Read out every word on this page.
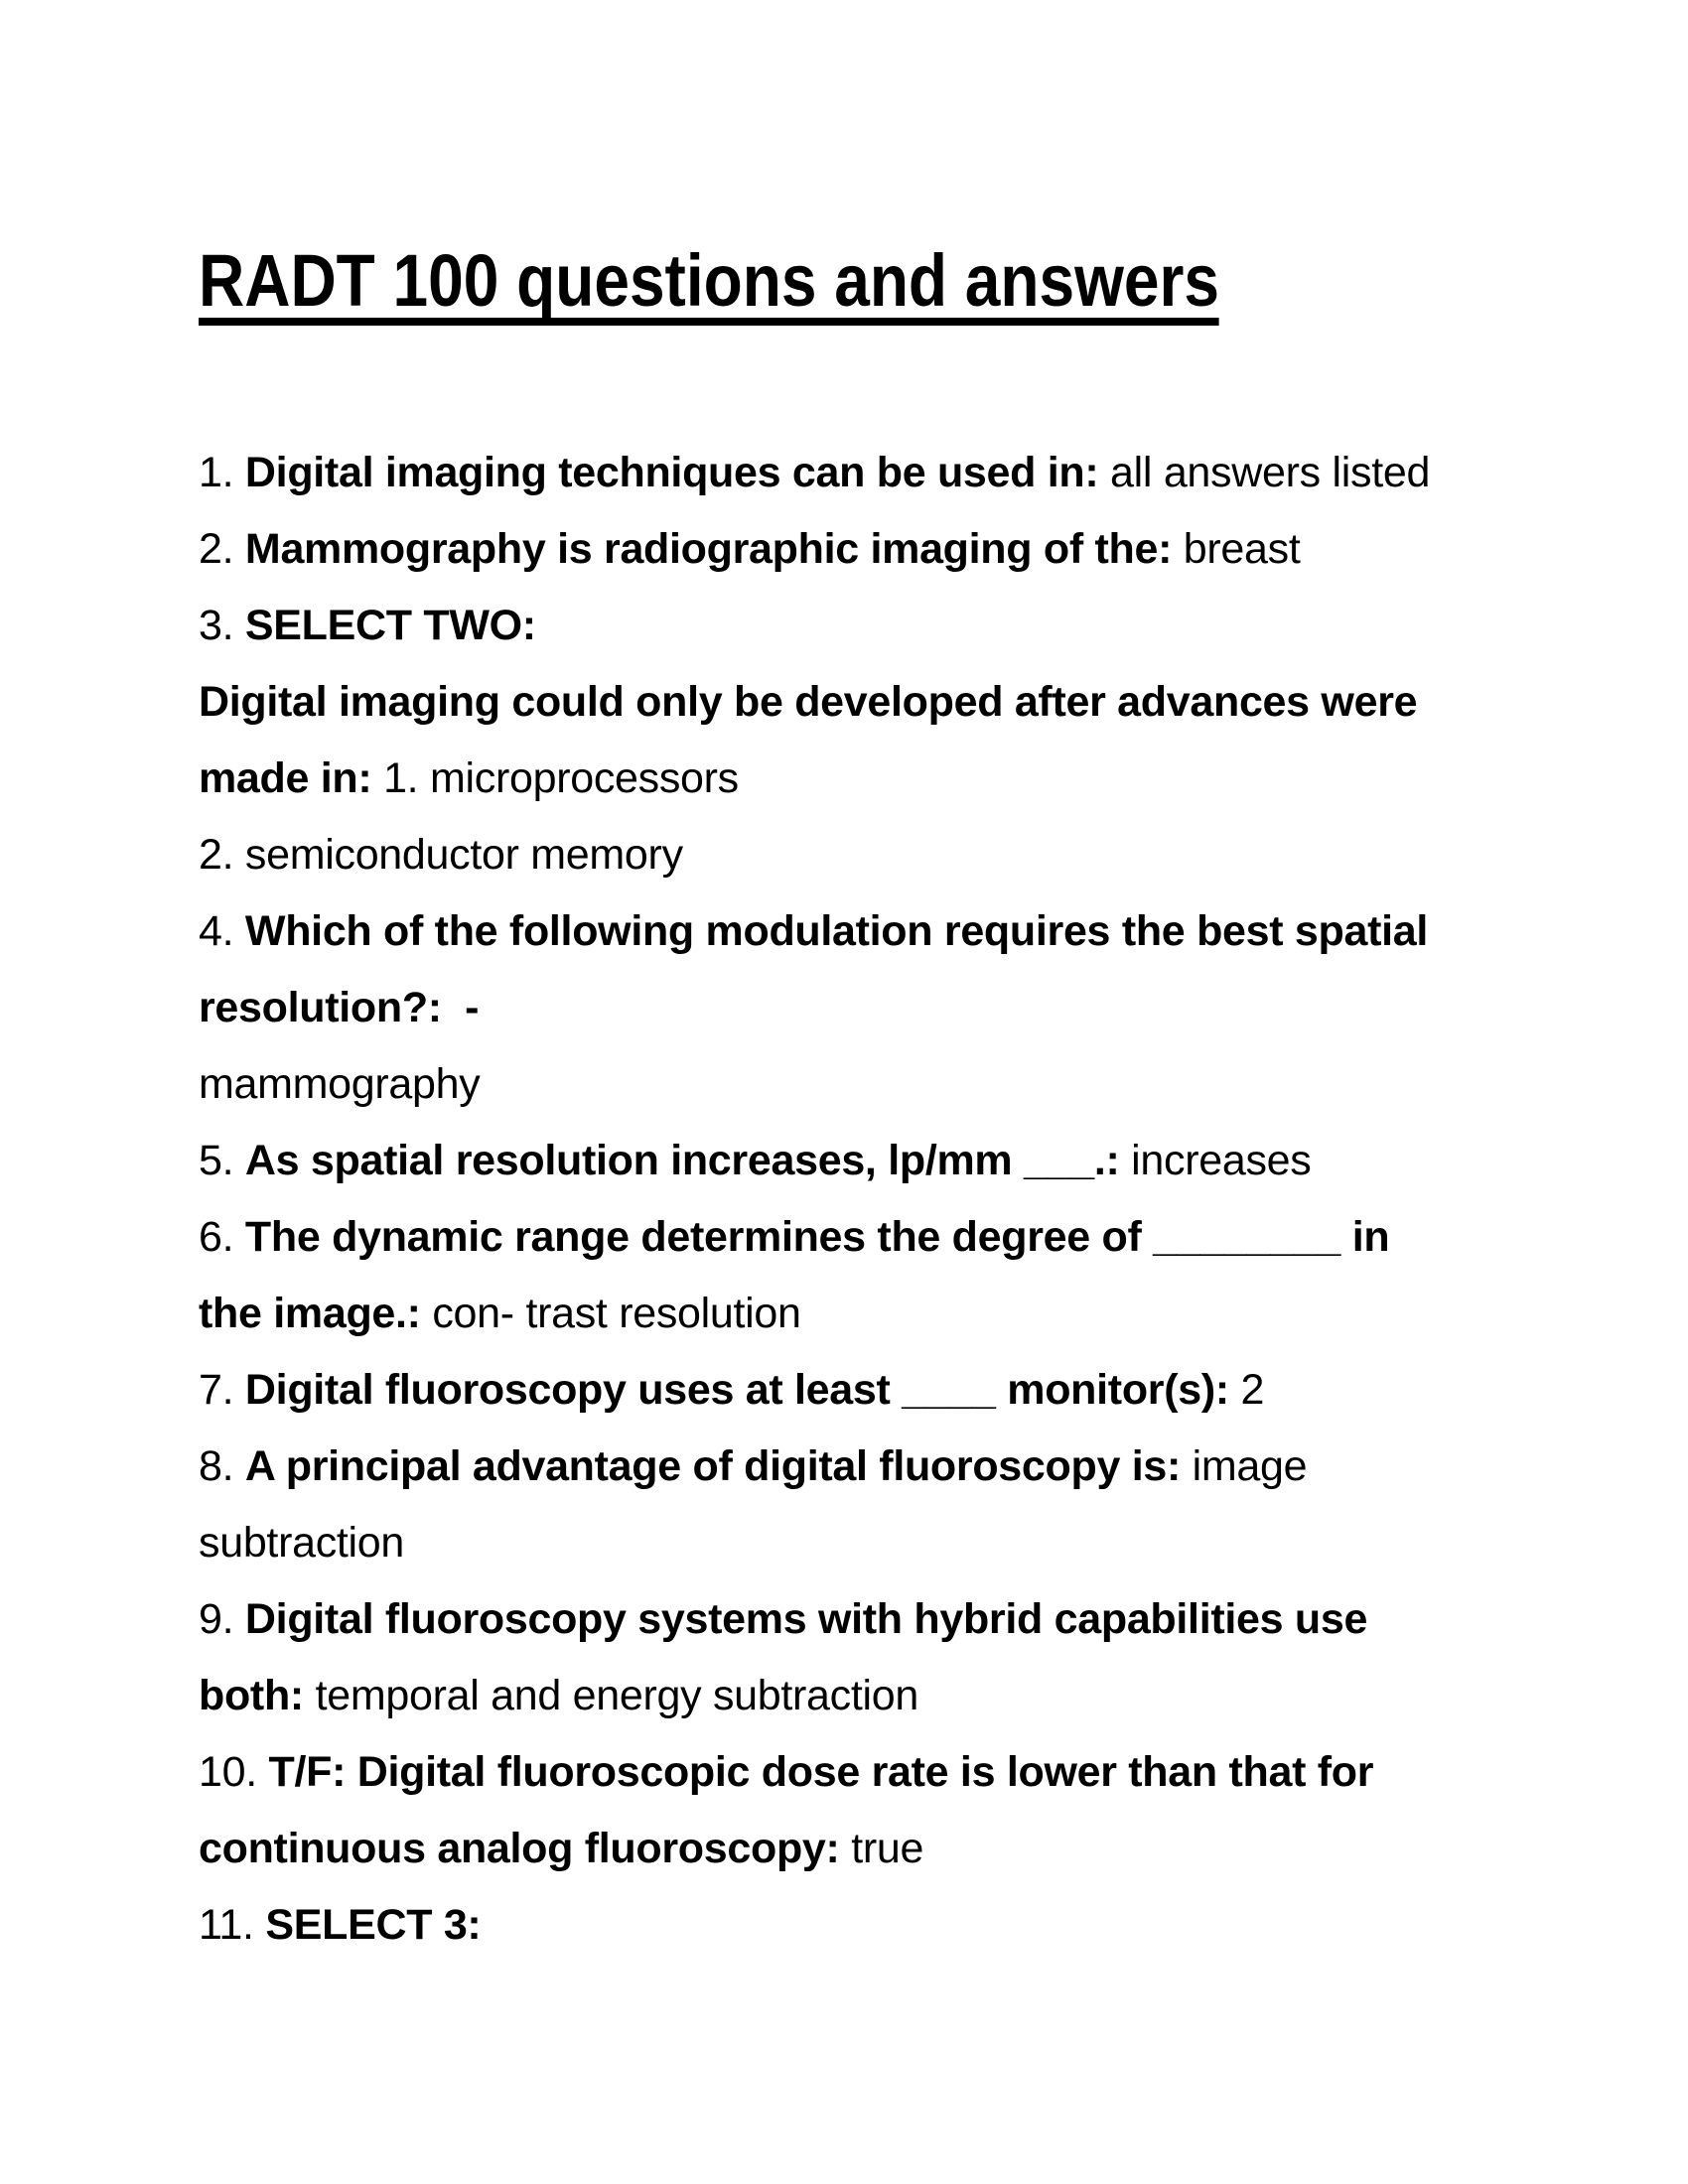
RADT 100 questions and answers
1. Digital imaging techniques can be used in: all answers listed
2. Mammography is radiographic imaging of the: breast
3. SELECT TWO:
Digital imaging could only be developed after advances were
made in: 1. microprocessors
2. semiconductor memory
4. Which of the following modulation requires the best spatial
resolution?:  -
mammography
5. As spatial resolution increases, lp/mm ___.: increases
6. The dynamic range determines the degree of ________ in
the image.: con- trast resolution
7. Digital fluoroscopy uses at least ____ monitor(s): 2
8. A principal advantage of digital fluoroscopy is: image
subtraction
9. Digital fluoroscopy systems with hybrid capabilities use
both: temporal and energy subtraction
10. T/F: Digital fluoroscopic dose rate is lower than that for
continuous analog fluoroscopy: true
11. SELECT 3:
